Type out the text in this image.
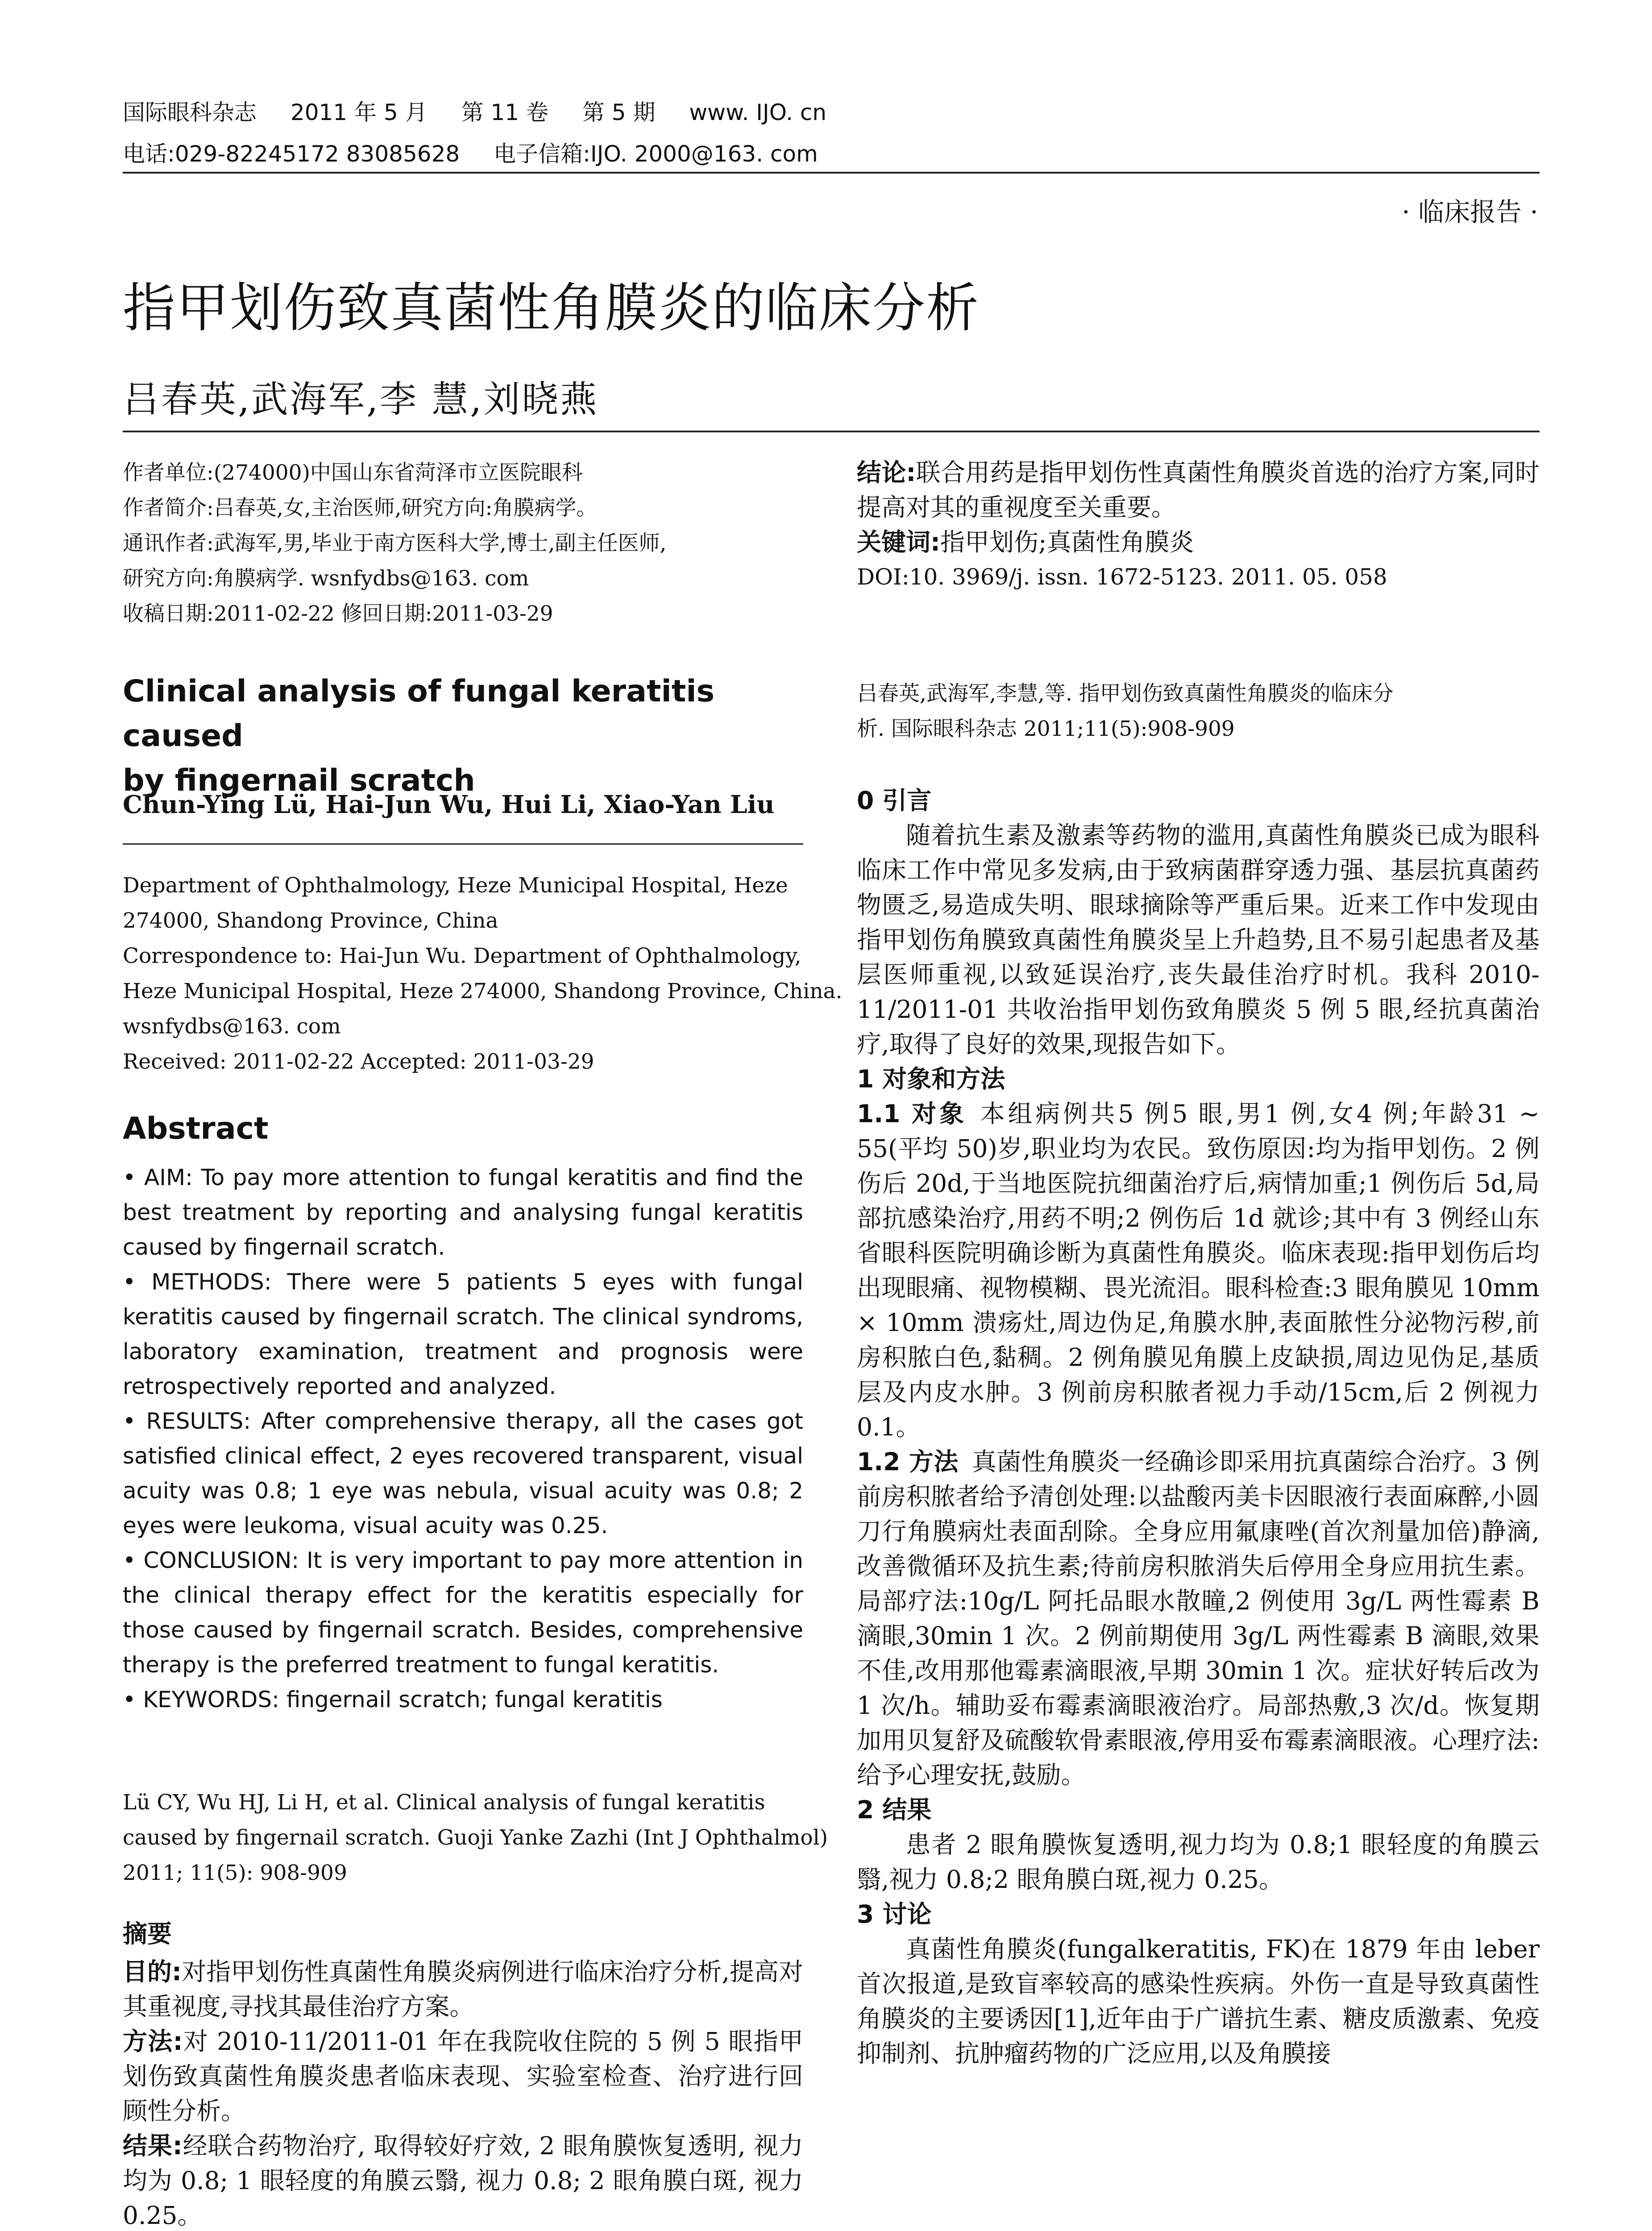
国际眼科杂志 2011 年 5 月 第 11 卷 第 5 期 www. IJO. cn
电话:029-82245172 83085628 电子信箱:IJO. 2000@163. com
· 临床报告 ·
指甲划伤致真菌性角膜炎的临床分析
吕春英,武海军,李 慧,刘晓燕
作者单位:(274000)中国山东省菏泽市立医院眼科
作者简介:吕春英,女,主治医师,研究方向:角膜病学。
通讯作者:武海军,男,毕业于南方医科大学,博士,副主任医师,
研究方向:角膜病学. wsnfydbs@163. com
收稿日期:2011-02-22 修回日期:2011-03-29
Clinical analysis of fungal keratitis caused
by fingernail scratch
Chun-Ying Lü, Hai-Jun Wu, Hui Li, Xiao-Yan Liu
Department of Ophthalmology, Heze Municipal Hospital, Heze
274000, Shandong Province, China
Correspondence to: Hai-Jun Wu. Department of Ophthalmology,
Heze Municipal Hospital, Heze 274000, Shandong Province, China.
wsnfydbs@163. com
Received: 2011-02-22 Accepted: 2011-03-29
Abstract

• AIM: To pay more attention to fungal keratitis and find the best treatment by reporting and analysing fungal keratitis caused by fingernail scratch.

• METHODS: There were 5 patients 5 eyes with fungal keratitis caused by fingernail scratch. The clinical syndroms, laboratory examination, treatment and prognosis were retrospectively reported and analyzed.

• RESULTS: After comprehensive therapy, all the cases got satisfied clinical effect, 2 eyes recovered transparent, visual acuity was 0.8; 1 eye was nebula, visual acuity was 0.8; 2 eyes were leukoma, visual acuity was 0.25.

• CONCLUSION: It is very important to pay more attention in the clinical therapy effect for the keratitis especially for those caused by fingernail scratch. Besides, comprehensive therapy is the preferred treatment to fungal keratitis.

• KEYWORDS: fingernail scratch; fungal keratitis

Lü CY, Wu HJ, Li H, et al. Clinical analysis of fungal keratitis
caused by fingernail scratch. Guoji Yanke Zazhi (Int J Ophthalmol)
2011; 11(5): 908-909
摘要

目的:对指甲划伤性真菌性角膜炎病例进行临床治疗分析,提高对其重视度,寻找其最佳治疗方案。

方法:对 2010-11/2011-01 年在我院收住院的 5 例 5 眼指甲划伤致真菌性角膜炎患者临床表现、实验室检查、治疗进行回顾性分析。

结果:经联合药物治疗, 取得较好疗效, 2 眼角膜恢复透明, 视力均为 0.8; 1 眼轻度的角膜云翳, 视力 0.8; 2 眼角膜白斑, 视力 0.25。

结论:联合用药是指甲划伤性真菌性角膜炎首选的治疗方案,同时提高对其的重视度至关重要。

关键词:指甲划伤;真菌性角膜炎

DOI:10. 3969/j. issn. 1672-5123. 2011. 05. 058
吕春英,武海军,李慧,等. 指甲划伤致真菌性角膜炎的临床分
析. 国际眼科杂志 2011;11(5):908-909
0 引言

随着抗生素及激素等药物的滥用,真菌性角膜炎已成为眼科临床工作中常见多发病,由于致病菌群穿透力强、基层抗真菌药物匮乏,易造成失明、眼球摘除等严重后果。近来工作中发现由指甲划伤角膜致真菌性角膜炎呈上升趋势,且不易引起患者及基层医师重视,以致延误治疗,丧失最佳治疗时机。我科 2010-11/2011-01 共收治指甲划伤致角膜炎 5 例 5 眼,经抗真菌治疗,取得了良好的效果,现报告如下。

1 对象和方法

1.1 对象 本组病例共5 例5 眼,男1 例,女4 例;年龄31 ~ 55(平均 50)岁,职业均为农民。致伤原因:均为指甲划伤。2 例伤后 20d,于当地医院抗细菌治疗后,病情加重;1 例伤后 5d,局部抗感染治疗,用药不明;2 例伤后 1d 就诊;其中有 3 例经山东省眼科医院明确诊断为真菌性角膜炎。临床表现:指甲划伤后均出现眼痛、视物模糊、畏光流泪。眼科检查:3 眼角膜见 10mm × 10mm 溃疡灶,周边伪足,角膜水肿,表面脓性分泌物污秽,前房积脓白色,黏稠。2 例角膜见角膜上皮缺损,周边见伪足,基质层及内皮水肿。3 例前房积脓者视力手动/15cm,后 2 例视力 0.1。

1.2 方法 真菌性角膜炎一经确诊即采用抗真菌综合治疗。3 例前房积脓者给予清创处理:以盐酸丙美卡因眼液行表面麻醉,小圆刀行角膜病灶表面刮除。全身应用氟康唑(首次剂量加倍)静滴,改善微循环及抗生素;待前房积脓消失后停用全身应用抗生素。局部疗法:10g/L 阿托品眼水散瞳,2 例使用 3g/L 两性霉素 B 滴眼,30min 1 次。2 例前期使用 3g/L 两性霉素 B 滴眼,效果不佳,改用那他霉素滴眼液,早期 30min 1 次。症状好转后改为 1 次/h。辅助妥布霉素滴眼液治疗。局部热敷,3 次/d。恢复期加用贝复舒及硫酸软骨素眼液,停用妥布霉素滴眼液。心理疗法:给予心理安抚,鼓励。

2 结果

患者 2 眼角膜恢复透明,视力均为 0.8;1 眼轻度的角膜云翳,视力 0.8;2 眼角膜白斑,视力 0.25。

3 讨论

真菌性角膜炎(fungalkeratitis, FK)在 1879 年由 leber 首次报道,是致盲率较高的感染性疾病。外伤一直是导致真菌性角膜炎的主要诱因[1],近年由于广谱抗生素、糖皮质激素、免疫抑制剂、抗肿瘤药物的广泛应用,以及角膜接
